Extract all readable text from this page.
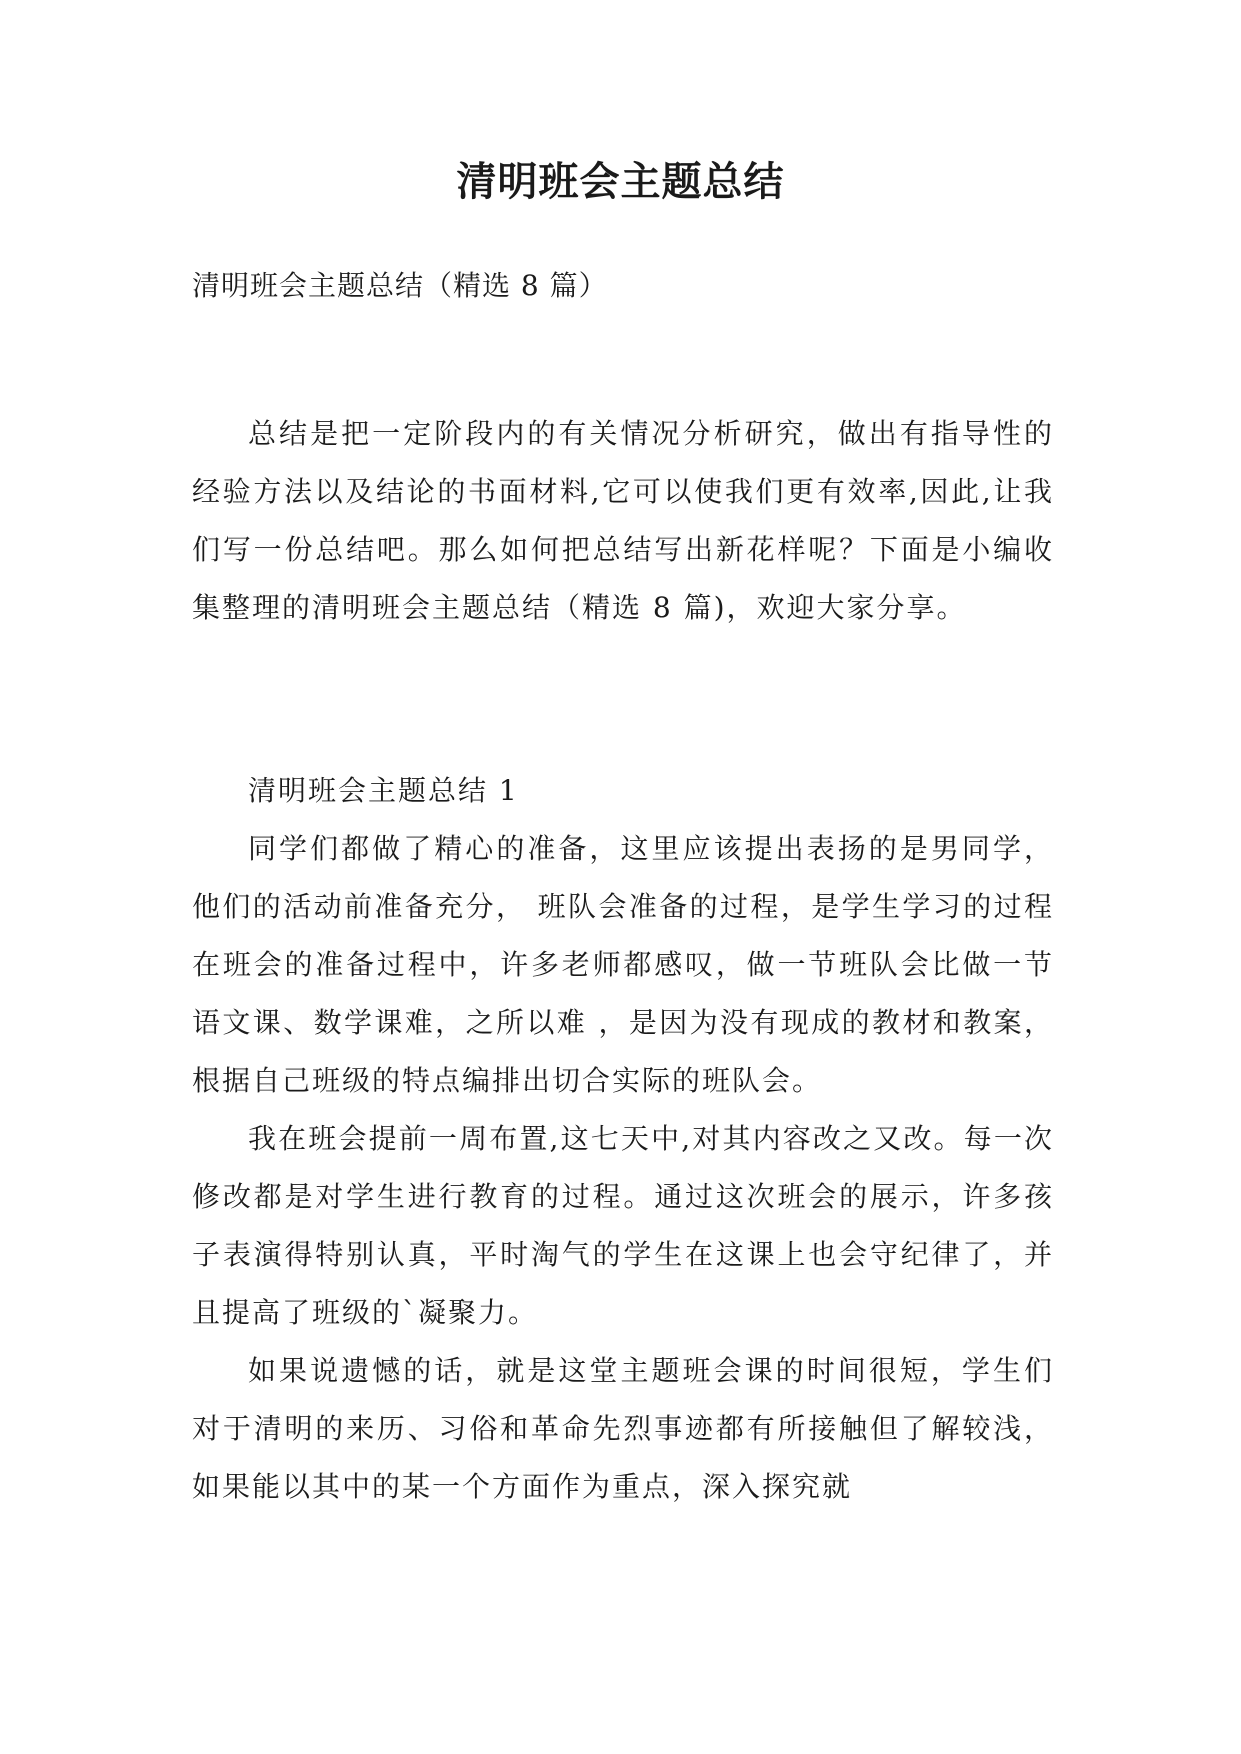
清明班会主题总结

清明班会主题总结（精选 8 篇）

总结是把一定阶段内的有关情况分析研究，做出有指导性的经验方法以及结论的书面材料,它可以使我们更有效率,因此,让我们写一份总结吧。那么如何把总结写出新花样呢？下面是小编收集整理的清明班会主题总结（精选 8 篇)，欢迎大家分享。

清明班会主题总结 1

同学们都做了精心的准备，这里应该提出表扬的是男同学，他们的活动前准备充分， 班队会准备的过程，是学生学习的过程 在班会的准备过程中，许多老师都感叹，做一节班队会比做一节语文课、数学课难，之所以难 ，是因为没有现成的教材和教案，根据自己班级的特点编排出切合实际的班队会。

我在班会提前一周布置,这七天中,对其内容改之又改。每一次修改都是对学生进行教育的过程。通过这次班会的展示，许多孩子表演得特别认真，平时淘气的学生在这课上也会守纪律了，并且提高了班级的`凝聚力。

如果说遗憾的话，就是这堂主题班会课的时间很短，学生们对于清明的来历、习俗和革命先烈事迹都有所接触但了解较浅，如果能以其中的某一个方面作为重点，深入探究就
